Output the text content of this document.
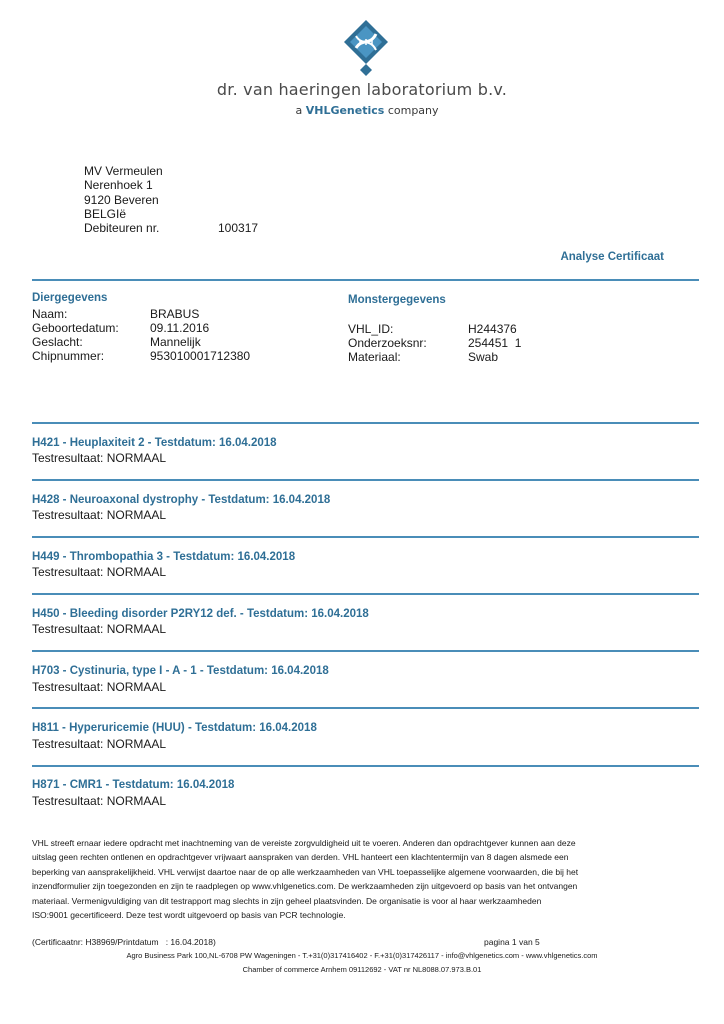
dr. van haeringen laboratorium b.v.
a VHLGenetics company
MV Vermeulen
Nerenhoek 1
9120 Beveren
BELGIë
Debiteuren nr.	100317
Analyse Certificaat
Diergegevens
Naam:	BRABUS
Geboortedatum:	09.11.2016
Geslacht:	Mannelijk
Chipnummer:	953010001712380
Monstergegevens
VHL_ID:	H244376
Onderzoeksnr:	254451  1
Materiaal:	Swab
H421 - Heuplaxiteit 2 - Testdatum: 16.04.2018
Testresultaat: NORMAAL
H428 - Neuroaxonal dystrophy - Testdatum: 16.04.2018
Testresultaat: NORMAAL
H449 - Thrombopathia 3 - Testdatum: 16.04.2018
Testresultaat: NORMAAL
H450 - Bleeding disorder P2RY12 def. - Testdatum: 16.04.2018
Testresultaat: NORMAAL
H703 - Cystinuria, type I - A - 1 - Testdatum: 16.04.2018
Testresultaat: NORMAAL
H811 - Hyperuricemie (HUU) - Testdatum: 16.04.2018
Testresultaat: NORMAAL
H871 - CMR1 - Testdatum: 16.04.2018
Testresultaat: NORMAAL
VHL streeft ernaar iedere opdracht met inachtneming van de vereiste zorgvuldigheid uit te voeren. Anderen dan opdrachtgever kunnen aan deze
uitslag geen rechten ontlenen en opdrachtgever vrijwaart aanspraken van derden. VHL hanteert een klachtentermijn van 8 dagen alsmede een
beperking van aansprakelijkheid. VHL verwijst daartoe naar de op alle werkzaamheden van VHL toepasselijke algemene voorwaarden, die bij het
inzendformulier zijn toegezonden en zijn te raadplegen op www.vhlgenetics.com. De werkzaamheden zijn uitgevoerd op basis van het ontvangen
materiaal. Vermenigvuldiging van dit testrapport mag slechts in zijn geheel plaatsvinden. De organisatie is voor al haar werkzaamheden
ISO:9001 gecertificeerd. Deze test wordt uitgevoerd op basis van PCR technologie.
(Certificaatnr: H38969/Printdatum   : 16.04.2018)	pagina 1 van 5
Agro Business Park 100,NL-6708 PW Wageningen - T.+31(0)317416402 - F.+31(0)317426117 - info@vhlgenetics.com - www.vhlgenetics.com
Chamber of commerce Arnhem 09112692 - VAT nr NL8088.07.973.B.01
